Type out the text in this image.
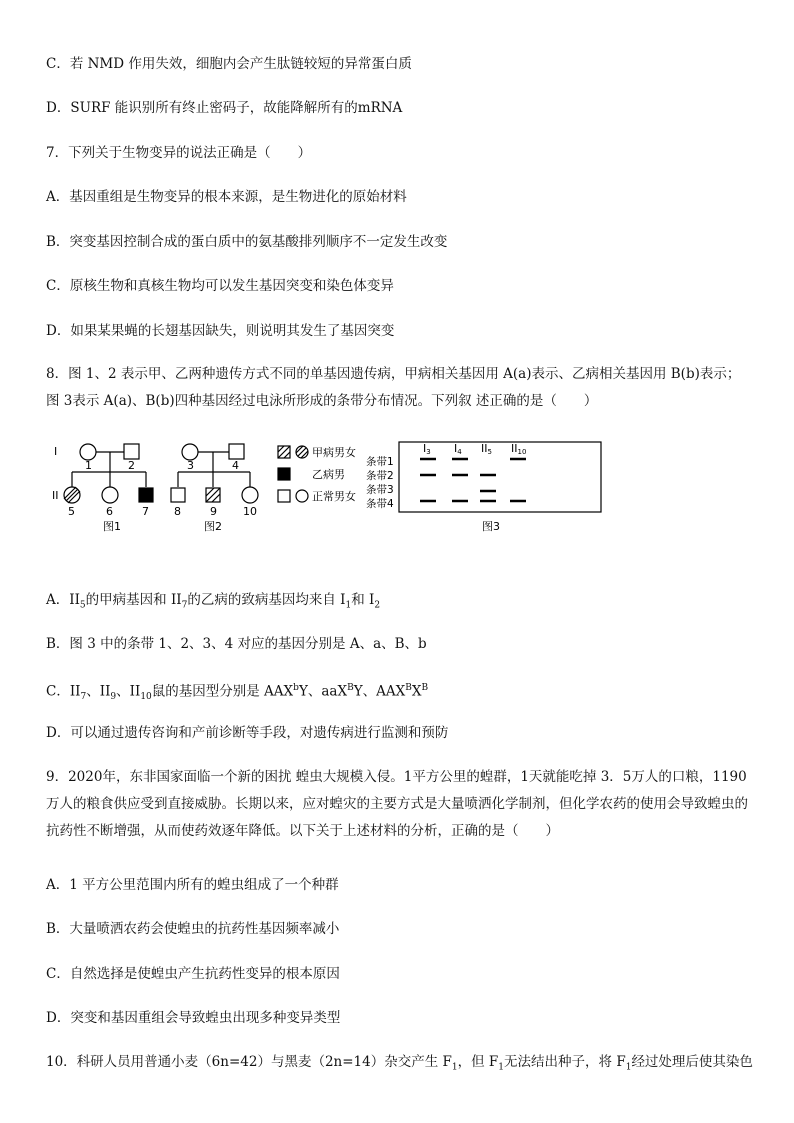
C．若 NMD 作用失效，细胞内会产生肽链较短的异常蛋白质
D．SURF 能识别所有终止密码子，故能降解所有的mRNA
7．下列关于生物变异的说法正确是（　　）
A．基因重组是生物变异的根本来源，是生物进化的原始材料
B．突变基因控制合成的蛋白质中的氨基酸排列顺序不一定发生改变
C．原核生物和真核生物均可以发生基因突变和染色体变异
D．如果某果蝇的长翅基因缺失，则说明其发生了基因突变
8．图 1、2 表示甲、乙两种遗传方式不同的单基因遗传病，甲病相关基因用 A(a)表示、乙病相关基因用 B(b)表示；图 3表示 A(a)、B(b)四种基因经过电泳所形成的条带分布情况。下列叙 述正确的是（　　）
I
II
1	2	3	4
5	6	7 8	9 10
图1	图2	图3
甲病男女
乙病男
正常男女
I3 I4 II5 II10
条带1
条带2
条带3
条带4
A．$II_5$的甲病基因和 $II_7$的乙病的致病基因均来自 $I_1$和 $I_2$
B．图 3 中的条带 1、2、3、4 对应的基因分别是 A、a、B、b
C．$II_7$、$II_9$、$II_{10}$鼠的基因型分别是 AAX$^b$Y、aaX$^B$Y、$AAX^BX^B$
D．可以通过遗传咨询和产前诊断等手段，对遗传病进行监测和预防
9．2020年，东非国家面临一个新的困扰 蝗虫大规模入侵。1平方公里的蝗群，1天就能吃掉 3．5万人的口粮，1190万人的粮食供应受到直接威胁。长期以来，应对蝗灾的主要方式是大量喷洒化学制剂，但化学农药的使用会导致蝗虫的抗药性不断增强，从而使药效逐年降低。以下关于上述材料的分析，正确的是（　　）
A．1 平方公里范围内所有的蝗虫组成了一个种群
B．大量喷洒农药会使蝗虫的抗药性基因频率减小
C．自然选择是使蝗虫产生抗药性变异的根本原因
D．突变和基因重组会导致蝗虫出现多种变异类型
10．科研人员用普通小麦（6n=42）与黑麦（2n=14）杂交产生 $F_1$，但 $F_1$无法结出种子，将 $F_1$经过处理后使其染色
